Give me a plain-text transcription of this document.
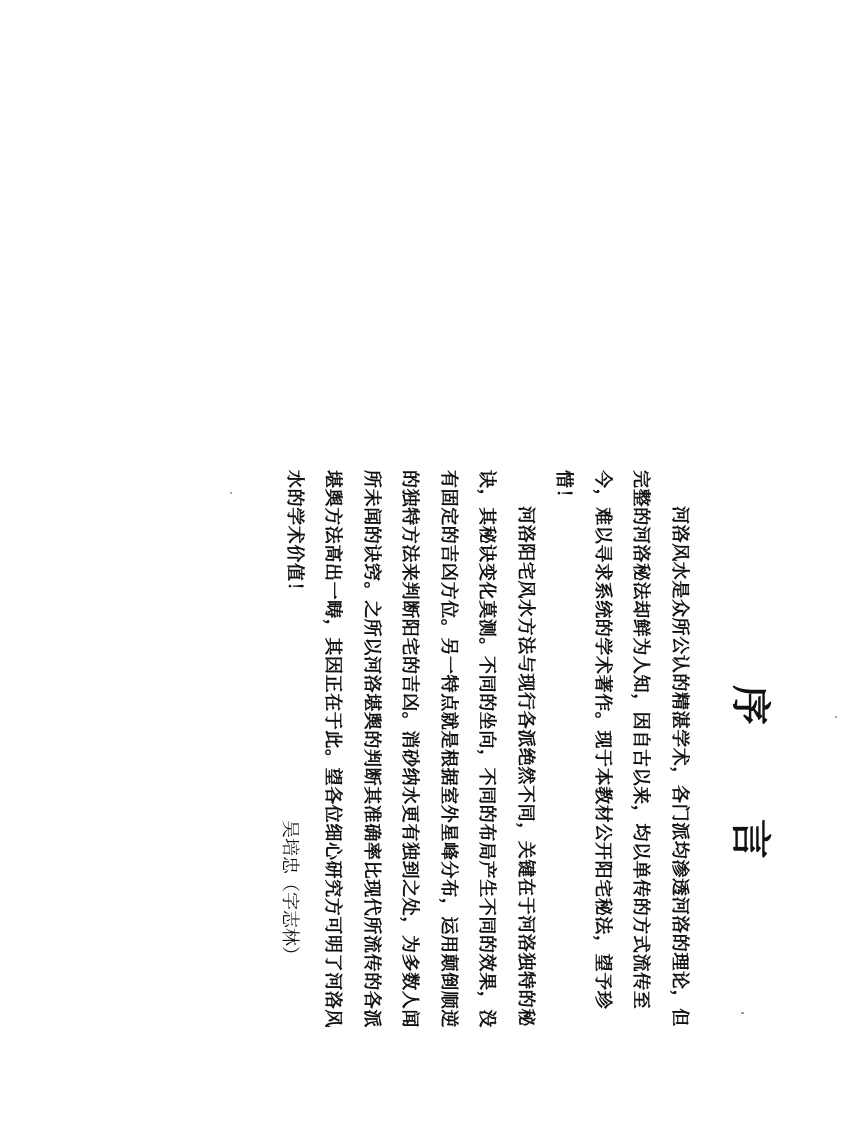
序 言

河洛风水是众所公认的精湛学术，各门派均渗透河洛的理论，但完整的河洛秘法却鲜为人知，因自古以来，均以单传的方式流传至今，难以寻求系统的学术著作。现于本教材公开阳宅秘法，望予珍惜！

河洛阳宅风水方法与现行各派绝然不同，关键在于河洛独特的秘诀，其秘诀变化莫测。不同的坐向，不同的布局产生不同的效果，没有固定的吉凶方位。另一特点就是根据室外星峰分布，运用颠倒顺逆的独特方法来判断阳宅的吉凶。消砂纳水更有独到之处，为多数人闻所未闻的诀窍。之所以河洛堪舆的判断其准确率比现代所流传的各派堪舆方法高出一畴，其因正在于此。望各位细心研究方可明了河洛风水的学术价值！

吴培忠（字志林）
